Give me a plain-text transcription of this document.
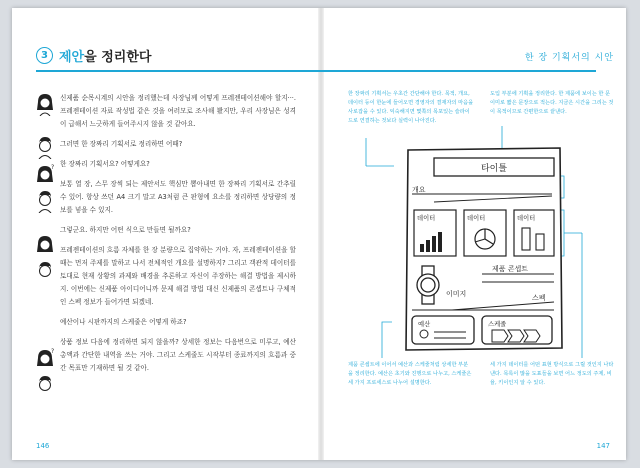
3 제안을 정리한다	한 장 기획서의 시안
?
?

신제품 순목시계의 시안을 정리했는데 사장님께 어떻게 프레젠테이션해야 할지···. 프레젠테이션 자료 작성법 같은 것을 여러모로 조사해 봤지만, 우리 사장님은 성격이 급해서 느긋하게 들어주시지 않을 것 같아요.

그러면 한 장짜리 기획서로 정리하면 어때?

한 장짜리 기획서요? 어떻게요?

보통 열 장, 스무 장씩 되는 제안서도 핵심만 뽑아내면 한 장짜리 기획서로 간추릴 수 있어. 항상 쓰던 A4 크기 말고 A3처럼 큰 판형에 요소를 정리하면 상당량의 정보를 넣을 수 있지.

그렇군요. 하지만 어떤 식으로 만들면 될까요?

프레젠테이션의 흐름 자체를 한 장 분량으로 집약하는 거야. 자, 프레젠테이션을 할 때는 먼저 주제를 말하고 나서 전체적인 개요를 설명하지? 그리고 객관적 데이터를 토대로 현재 상황의 과제와 배경을 추론하고 자신이 주장하는 해결 방법을 제시하지. 이번에는 신제품 아이디어니까 문제 해결 방법 대신 신제품의 콘셉트나 구체적인 스펙 정보가 들어가면 되겠네.

예산이나 시판까지의 스케줄은 어떻게 하죠?

상품 정보 다음에 정리하면 되지 않을까? 상세한 정보는 다음번으로 미루고, 예산 총액과 간단한 내역을 쓰는 거야. 그리고 스케줄도 시작부터 종료까지의 흐름과 중간 목표만 기재하면 될 것 같아.

한 장짜리 기획서는 우초간 간단해야 한다. 목적, 개요, 데이터 등이 한눈에 들어오면 경영자의 결재자의 마음을 사로잡을 수 있다. 익숙해지면 몇쪽의 목포있는 슬라이드로 연결하는 것보다 실력이 나아진다.
도입 부분에 기획을 정리한다. 한 제품에 보이는 한 문이미로 짧은 문장으로 적는다. 지금은 시간을 그리는 것이 목적이므로 간편한으로 끝낸다.
제품 콘셉트에 이어서 예산과 스케줄처럼 상세한 부분을 정리한다. 예산은 초기와 진행으로 나누고, 스케줄은 세 가지 프로세스로 나누어 설명한다.
세 가지 데이터를 어떤 표현 방식으로 그릴 것인지 나타낸다. 목록이 많을 도표들을 보면 어느 정도의 주제, 비율, 키이인지 알 수 있다.
타이틀
개요
데이터	데이터	데이터
제품 콘셉트
이미지	스펙
예산	스케줄
146	147
